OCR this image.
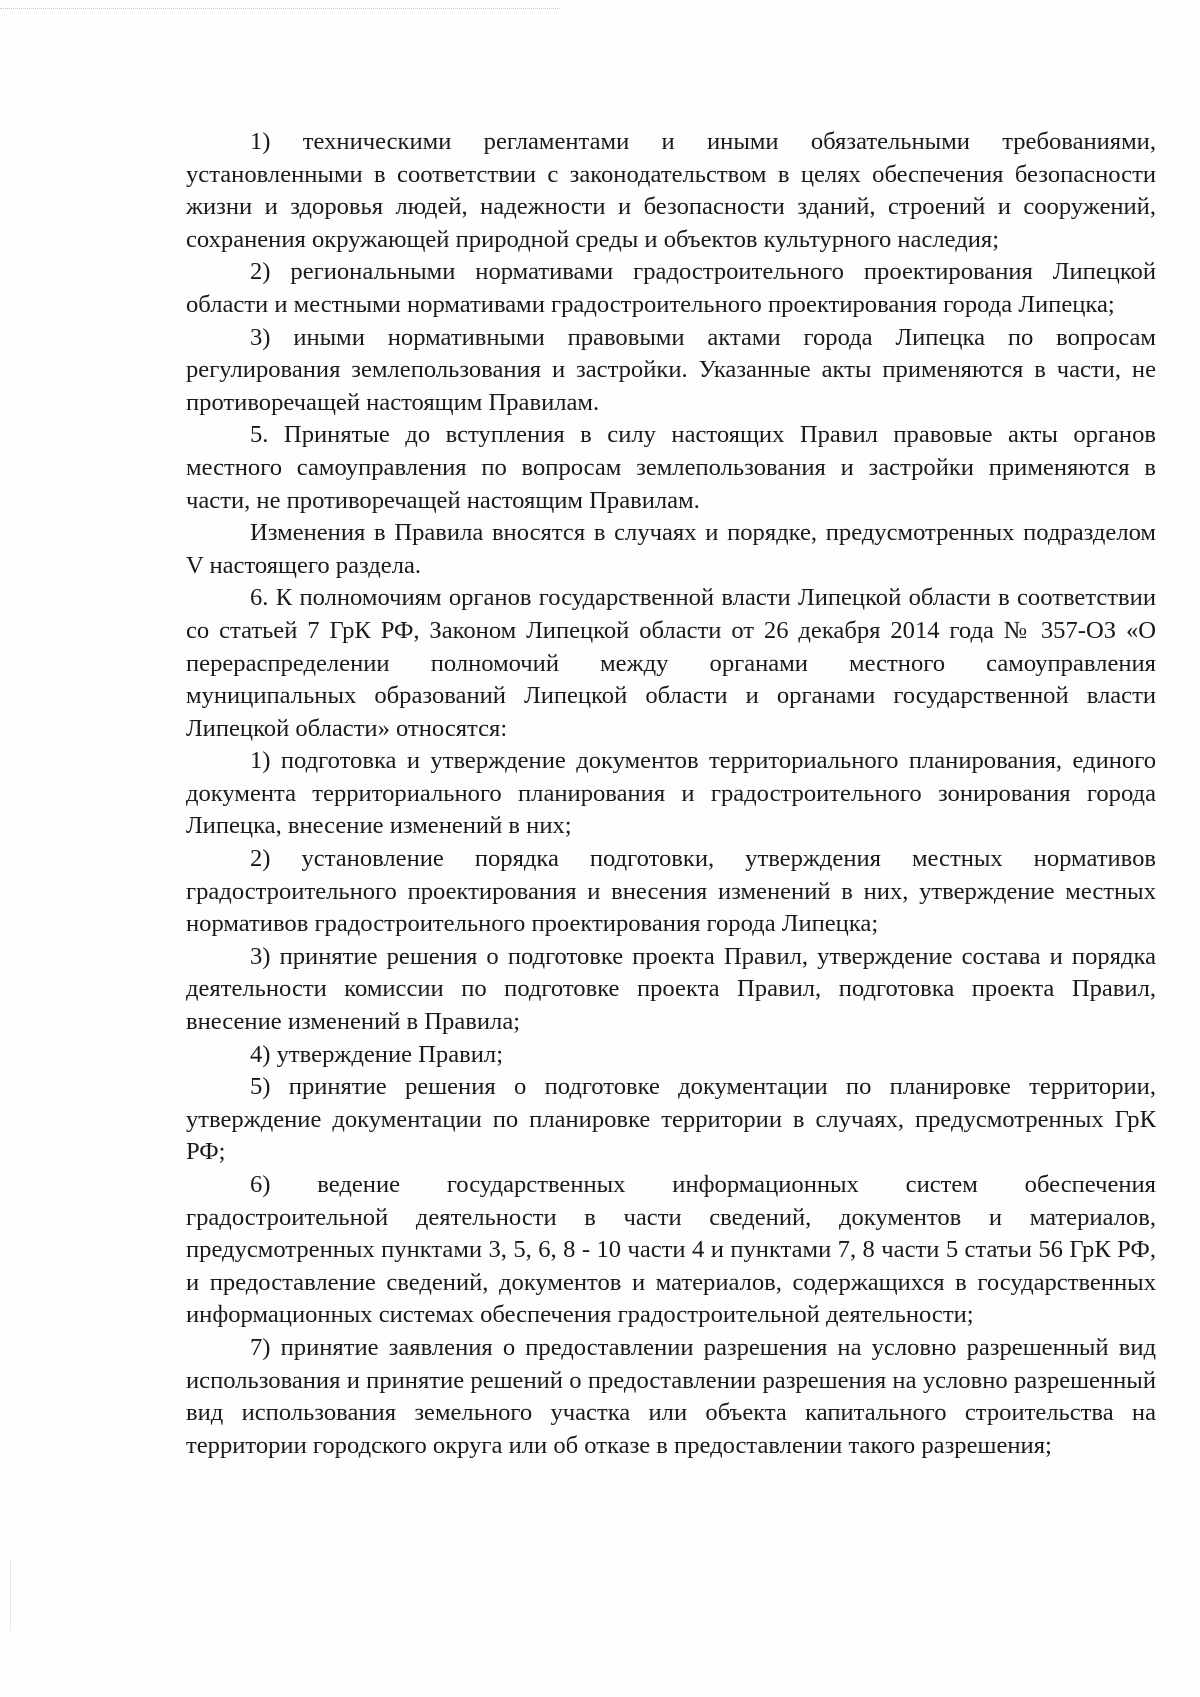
1) техническими регламентами и иными обязательными требованиями, установленными в соответствии с законодательством в целях обеспечения безопасности жизни и здоровья людей, надежности и безопасности зданий, строений и сооружений, сохранения окружающей природной среды и объектов культурного наследия;

2) региональными нормативами градостроительного проектирования Липецкой области и местными нормативами градостроительного проектирования города Липецка;

3) иными нормативными правовыми актами города Липецка по вопросам регулирования землепользования и застройки. Указанные акты применяются в части, не противоречащей настоящим Правилам.

5. Принятые до вступления в силу настоящих Правил правовые акты органов местного самоуправления по вопросам землепользования и застройки применяются в части, не противоречащей настоящим Правилам.

Изменения в Правила вносятся в случаях и порядке, предусмотренных подразделом V настоящего раздела.

6. К полномочиям органов государственной власти Липецкой области в соответствии со статьей 7 ГрК РФ, Законом Липецкой области от 26 декабря 2014 года № 357-ОЗ «О перераспределении полномочий между органами местного самоуправления муниципальных образований Липецкой области и органами государственной власти Липецкой области» относятся:

1) подготовка и утверждение документов территориального планирования, единого документа территориального планирования и градостроительного зонирования города Липецка, внесение изменений в них;

2) установление порядка подготовки, утверждения местных нормативов градостроительного проектирования и внесения изменений в них, утверждение местных нормативов градостроительного проектирования города Липецка;

3) принятие решения о подготовке проекта Правил, утверждение состава и порядка деятельности комиссии по подготовке проекта Правил, подготовка проекта Правил, внесение изменений в Правила;

4) утверждение Правил;

5) принятие решения о подготовке документации по планировке территории, утверждение документации по планировке территории в случаях, предусмотренных ГрК РФ;

6) ведение государственных информационных систем обеспечения градостроительной деятельности в части сведений, документов и материалов, предусмотренных пунктами 3, 5, 6, 8 - 10 части 4 и пунктами 7, 8 части 5 статьи 56 ГрК РФ, и предоставление сведений, документов и материалов, содержащихся в государственных информационных системах обеспечения градостроительной деятельности;

7) принятие заявления о предоставлении разрешения на условно разрешенный вид использования и принятие решений о предоставлении разрешения на условно разрешенный вид использования земельного участка или объекта капитального строительства на территории городского округа или об отказе в предоставлении такого разрешения;
